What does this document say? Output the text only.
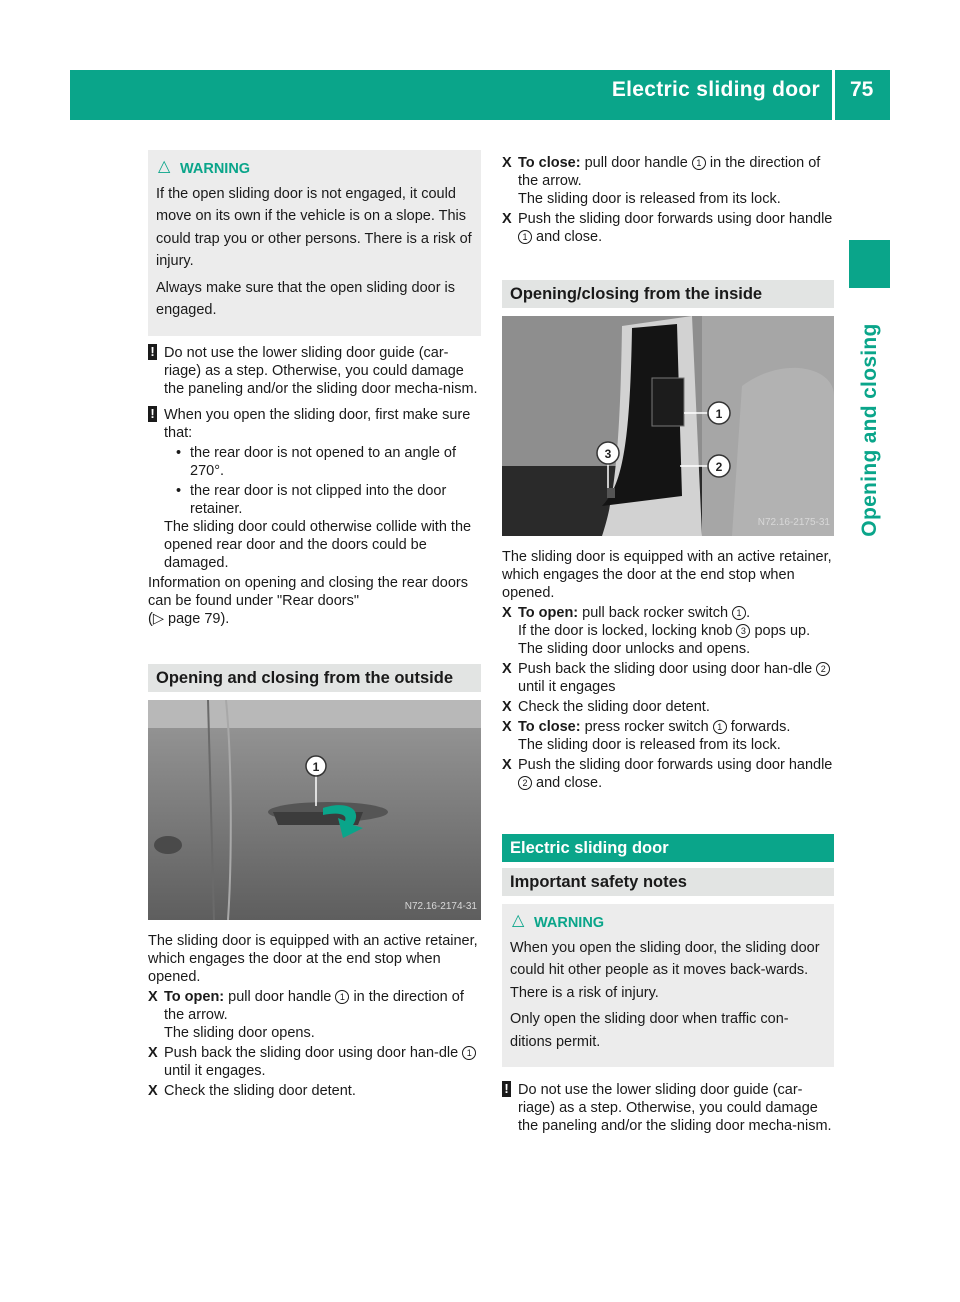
Electric sliding door 75
Opening and closing
△ WARNING

If the open sliding door is not engaged, it could move on its own if the vehicle is on a slope. This could trap you or other persons. There is a risk of injury.

Always make sure that the open sliding door is engaged.

! Do not use the lower sliding door guide (car-riage) as a step. Otherwise, you could damage the paneling and/or the sliding door mecha-nism.
! When you open the sliding door, first make sure that:
• the rear door is not opened to an angle of 270°.
• the rear door is not clipped into the door retainer.
The sliding door could otherwise collide with the opened rear door and the doors could be damaged.

Information on opening and closing the rear doors can be found under "Rear doors"
(▷ page 79).

Opening and closing from the outside
1
N72.16-2174-31

The sliding door is equipped with an active retainer, which engages the door at the end stop when opened.

X To open: pull door handle 1 in the direction of the arrow.
The sliding door opens.
X Push back the sliding door using door han-dle 1 until it engages.
X Check the sliding door detent.
X To close: pull door handle 1 in the direction of the arrow.
The sliding door is released from its lock.
X Push the sliding door forwards using door handle 1 and close.
Opening/closing from the inside
1
2
3
N72.16-2175-31

The sliding door is equipped with an active retainer, which engages the door at the end stop when opened.

X To open: pull back rocker switch 1 .
If the door is locked, locking knob 3 pops up.
The sliding door unlocks and opens.
X Push back the sliding door using door han-dle 2 until it engages
X Check the sliding door detent.
X To close: press rocker switch 1 forwards.
The sliding door is released from its lock.
X Push the sliding door forwards using door handle 2 and close.
Electric sliding door
Important safety notes
△ WARNING

When you open the sliding door, the sliding door could hit other people as it moves back-wards. There is a risk of injury.

Only open the sliding door when traffic con-ditions permit.

! Do not use the lower sliding door guide (car-riage) as a step. Otherwise, you could damage the paneling and/or the sliding door mecha-nism.
